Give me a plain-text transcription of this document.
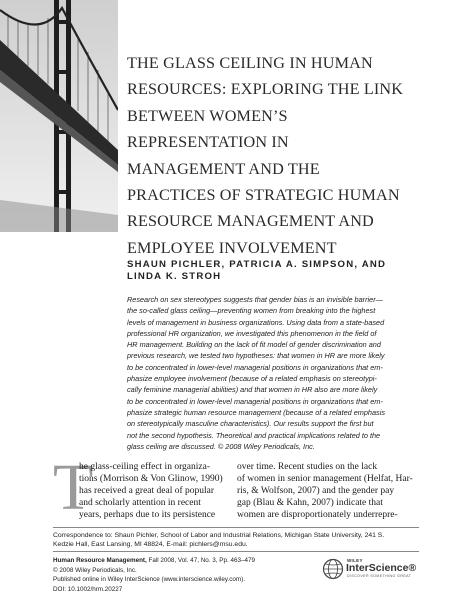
THE GLASS CEILING IN HUMAN
RESOURCES: EXPLORING THE LINK
BETWEEN WOMEN’S
REPRESENTATION IN
MANAGEMENT AND THE
PRACTICES OF STRATEGIC HUMAN
RESOURCE MANAGEMENT AND
EMPLOYEE INVOLVEMENT
SHAUN PICHLER, PATRICIA A. SIMPSON, AND
LINDA K. STROH
Research on sex stereotypes suggests that gender bias is an invisible barrier—
the so-called glass ceiling—preventing women from breaking into the highest
levels of management in business organizations. Using data from a state-based
professional HR organization, we investigated this phenomenon in the field of
HR management. Building on the lack of fit model of gender discrimination and
previous research, we tested two hypotheses: that women in HR are more likely
to be concentrated in lower-level managerial positions in organizations that em-
phasize employee involvement (because of a related emphasis on stereotypi-
cally feminine managerial abilities) and that women in HR also are more likely
to be concentrated in lower-level managerial positions in organizations that em-
phasize strategic human resource management (because of a related emphasis
on stereotypically masculine characteristics). Our results support the first but
not the second hypothesis. Theoretical and practical implications related to the
glass ceiling are discussed. © 2008 Wiley Periodicals, Inc.
T
he glass-ceiling effect in organiza-
tions (Morrison & Von Glinow, 1990)
has received a great deal of popular
and scholarly attention in recent
years, perhaps due to its persistence
over time. Recent studies on the lack
of women in senior management (Helfat, Har-
ris, & Wolfson, 2007) and the gender pay
gap (Blau & Kahn, 2007) indicate that
women are disproportionately underrepre-
Correspondence to: Shaun Pichler, School of Labor and Industrial Relations, Michigan State University, 241 S.
Kedzie Hall, East Lansing, MI 48824, E-mail: pichlers@msu.edu.
Human Resource Management, Fall 2008, Vol. 47, No. 3, Pp. 463–479
© 2008 Wiley Periodicals, Inc.
Published online in Wiley InterScience (www.interscience.wiley.com).
DOI: 10.1002/hrm.20227
WILEY
InterScience®
DISCOVER SOMETHING GREAT
